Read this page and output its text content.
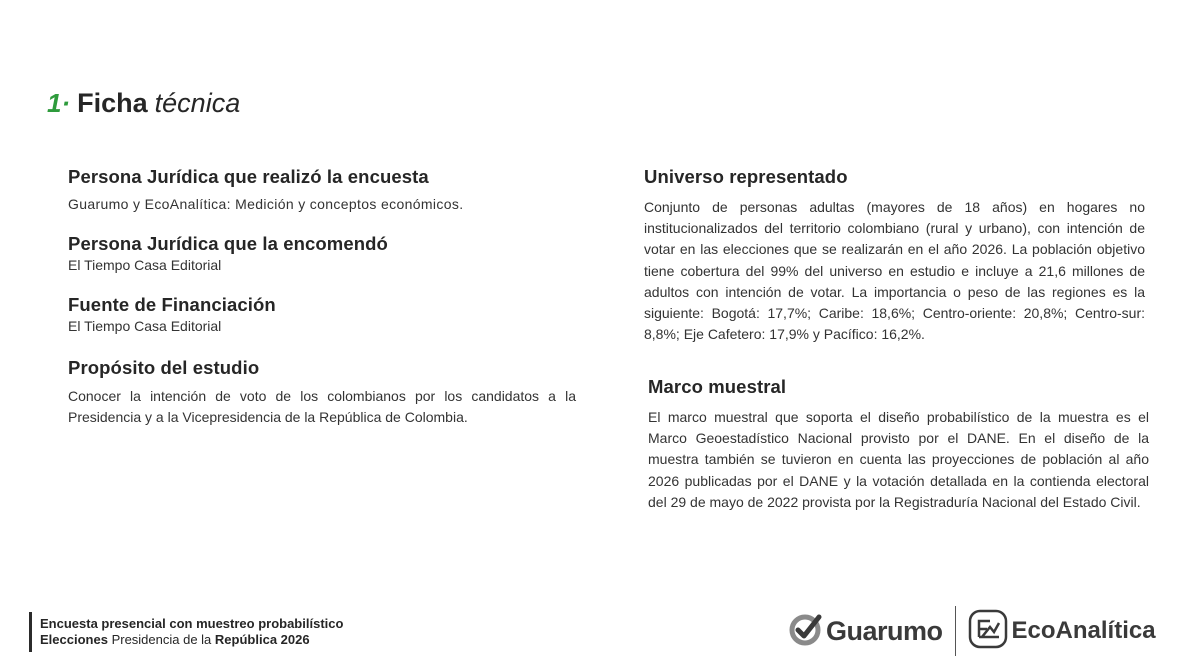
1· Ficha técnica
Persona Jurídica que realizó la encuesta

Guarumo y EcoAnalítica: Medición y conceptos económicos.

Persona Jurídica que la encomendó

El Tiempo Casa Editorial

Fuente de Financiación

El Tiempo Casa Editorial

Propósito del estudio

Conocer la intención de voto de los colombianos por los candidatos a la Presidencia y a la Vicepresidencia de la República de Colombia.

Universo representado

Conjunto de personas adultas (mayores de 18 años) en hogares no institucionalizados del territorio colombiano (rural y urbano), con intención de votar en las elecciones que se realizarán en el año 2026. La población objetivo tiene cobertura del 99% del universo en estudio e incluye a 21,6 millones de adultos con intención de votar. La importancia o peso de las regiones es la siguiente: Bogotá: 17,7%; Caribe: 18,6%; Centro-oriente: 20,8%; Centro-sur: 8,8%; Eje Cafetero: 17,9% y Pacífico: 16,2%.

Marco muestral

El marco muestral que soporta el diseño probabilístico de la muestra es el Marco Geoestadístico Nacional provisto por el DANE. En el diseño de la muestra también se tuvieron en cuenta las proyecciones de población al año 2026 publicadas por el DANE y la votación detallada en la contienda electoral del 29 de mayo de 2022 provista por la Registraduría Nacional del Estado Civil.

Encuesta presencial con muestreo probabilístico
Elecciones Presidencia de la República 2026	Guarumo	EcoAnalítica
